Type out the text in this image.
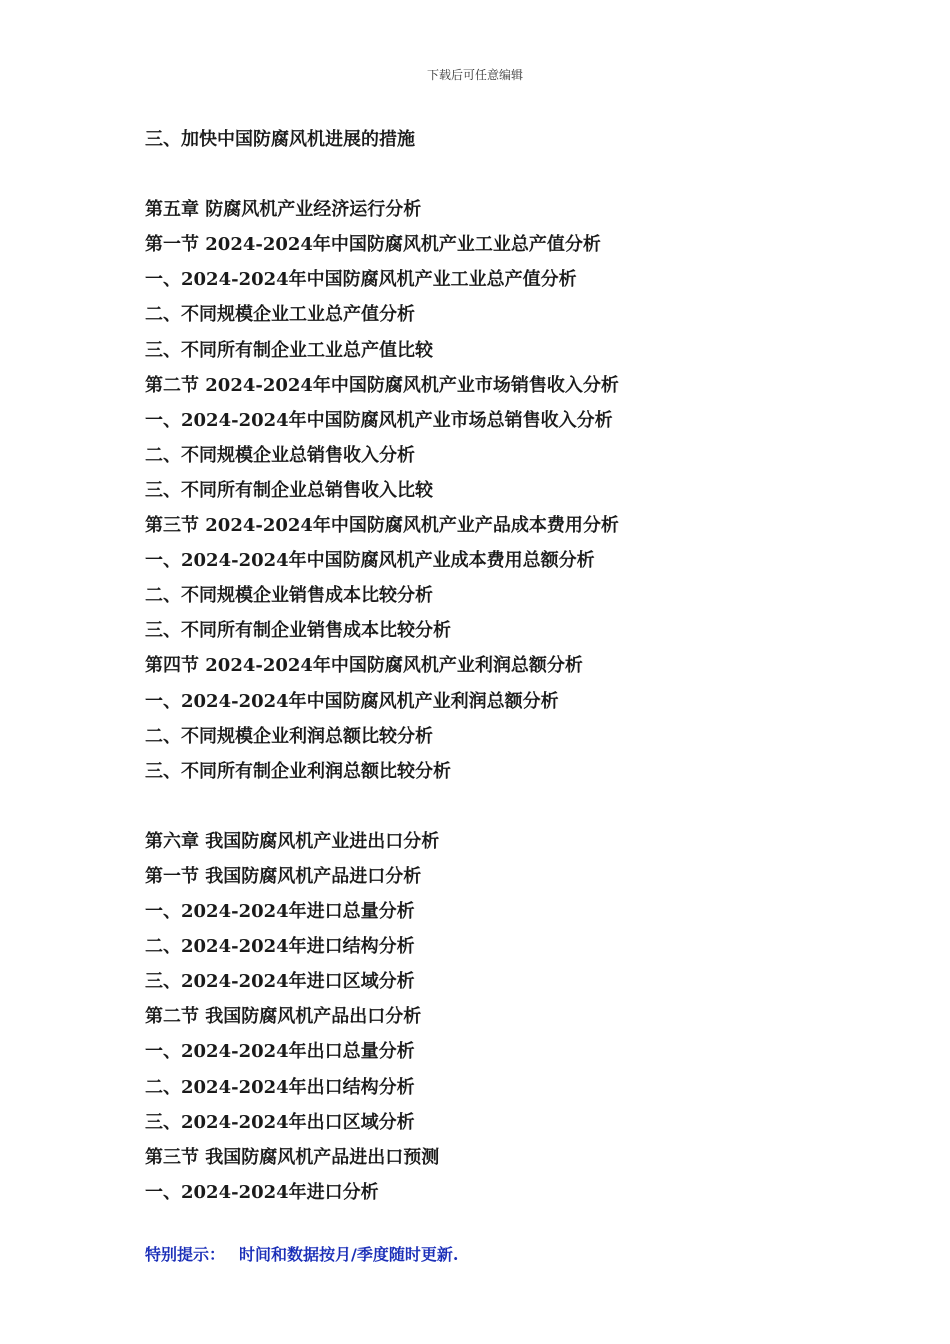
下载后可任意编辑
三、加快中国防腐风机进展的措施
第五章 防腐风机产业经济运行分析
第一节 2024-2024年中国防腐风机产业工业总产值分析
一、2024-2024年中国防腐风机产业工业总产值分析
二、不同规模企业工业总产值分析
三、不同所有制企业工业总产值比较
第二节 2024-2024年中国防腐风机产业市场销售收入分析
一、2024-2024年中国防腐风机产业市场总销售收入分析
二、不同规模企业总销售收入分析
三、不同所有制企业总销售收入比较
第三节 2024-2024年中国防腐风机产业产品成本费用分析
一、2024-2024年中国防腐风机产业成本费用总额分析
二、不同规模企业销售成本比较分析
三、不同所有制企业销售成本比较分析
第四节 2024-2024年中国防腐风机产业利润总额分析
一、2024-2024年中国防腐风机产业利润总额分析
二、不同规模企业利润总额比较分析
三、不同所有制企业利润总额比较分析
第六章 我国防腐风机产业进出口分析
第一节 我国防腐风机产品进口分析
一、2024-2024年进口总量分析
二、2024-2024年进口结构分析
三、2024-2024年进口区域分析
第二节 我国防腐风机产品出口分析
一、2024-2024年出口总量分析
二、2024-2024年出口结构分析
三、2024-2024年出口区域分析
第三节 我国防腐风机产品进出口预测
一、2024-2024年进口分析
特别提示： 时间和数据按月/季度随时更新.
